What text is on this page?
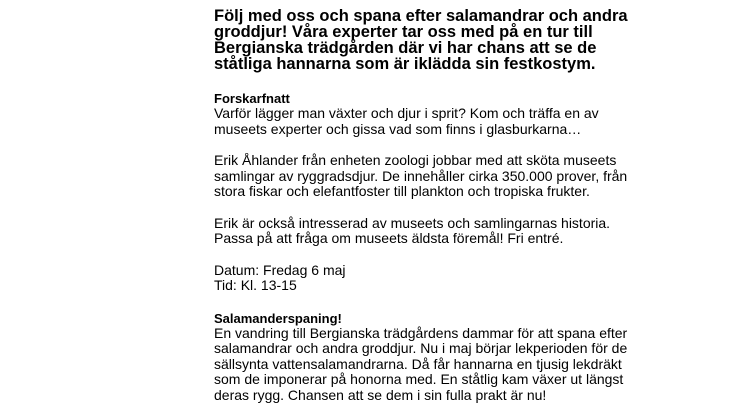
Följ med oss och spana efter salamandrar och andra
groddjur! Våra experter tar oss med på en tur till
Bergianska trädgården där vi har chans att se de
ståtliga hannarna som är iklädda sin festkostym.

Forskarfnatt

Varför lägger man växter och djur i sprit? Kom och träffa en av
museets experter och gissa vad som finns i glasburkarna…

Erik Åhlander från enheten zoologi jobbar med att sköta museets
samlingar av ryggradsdjur. De innehåller cirka 350.000 prover, från
stora fiskar och elefantfoster till plankton och tropiska frukter.

Erik är också intresserad av museets och samlingarnas historia.
Passa på att fråga om museets äldsta föremål! Fri entré.

Datum: Fredag 6 maj

Tid: Kl. 13-15

Salamanderspaning!

En vandring till Bergianska trädgårdens dammar för att spana efter
salamandrar och andra groddjur. Nu i maj börjar lekperioden för de
sällsynta vattensalamandrarna. Då får hannarna en tjusig lekdräkt
som de imponerar på honorna med. En ståtlig kam växer ut längst
deras rygg. Chansen att se dem i sin fulla prakt är nu!
